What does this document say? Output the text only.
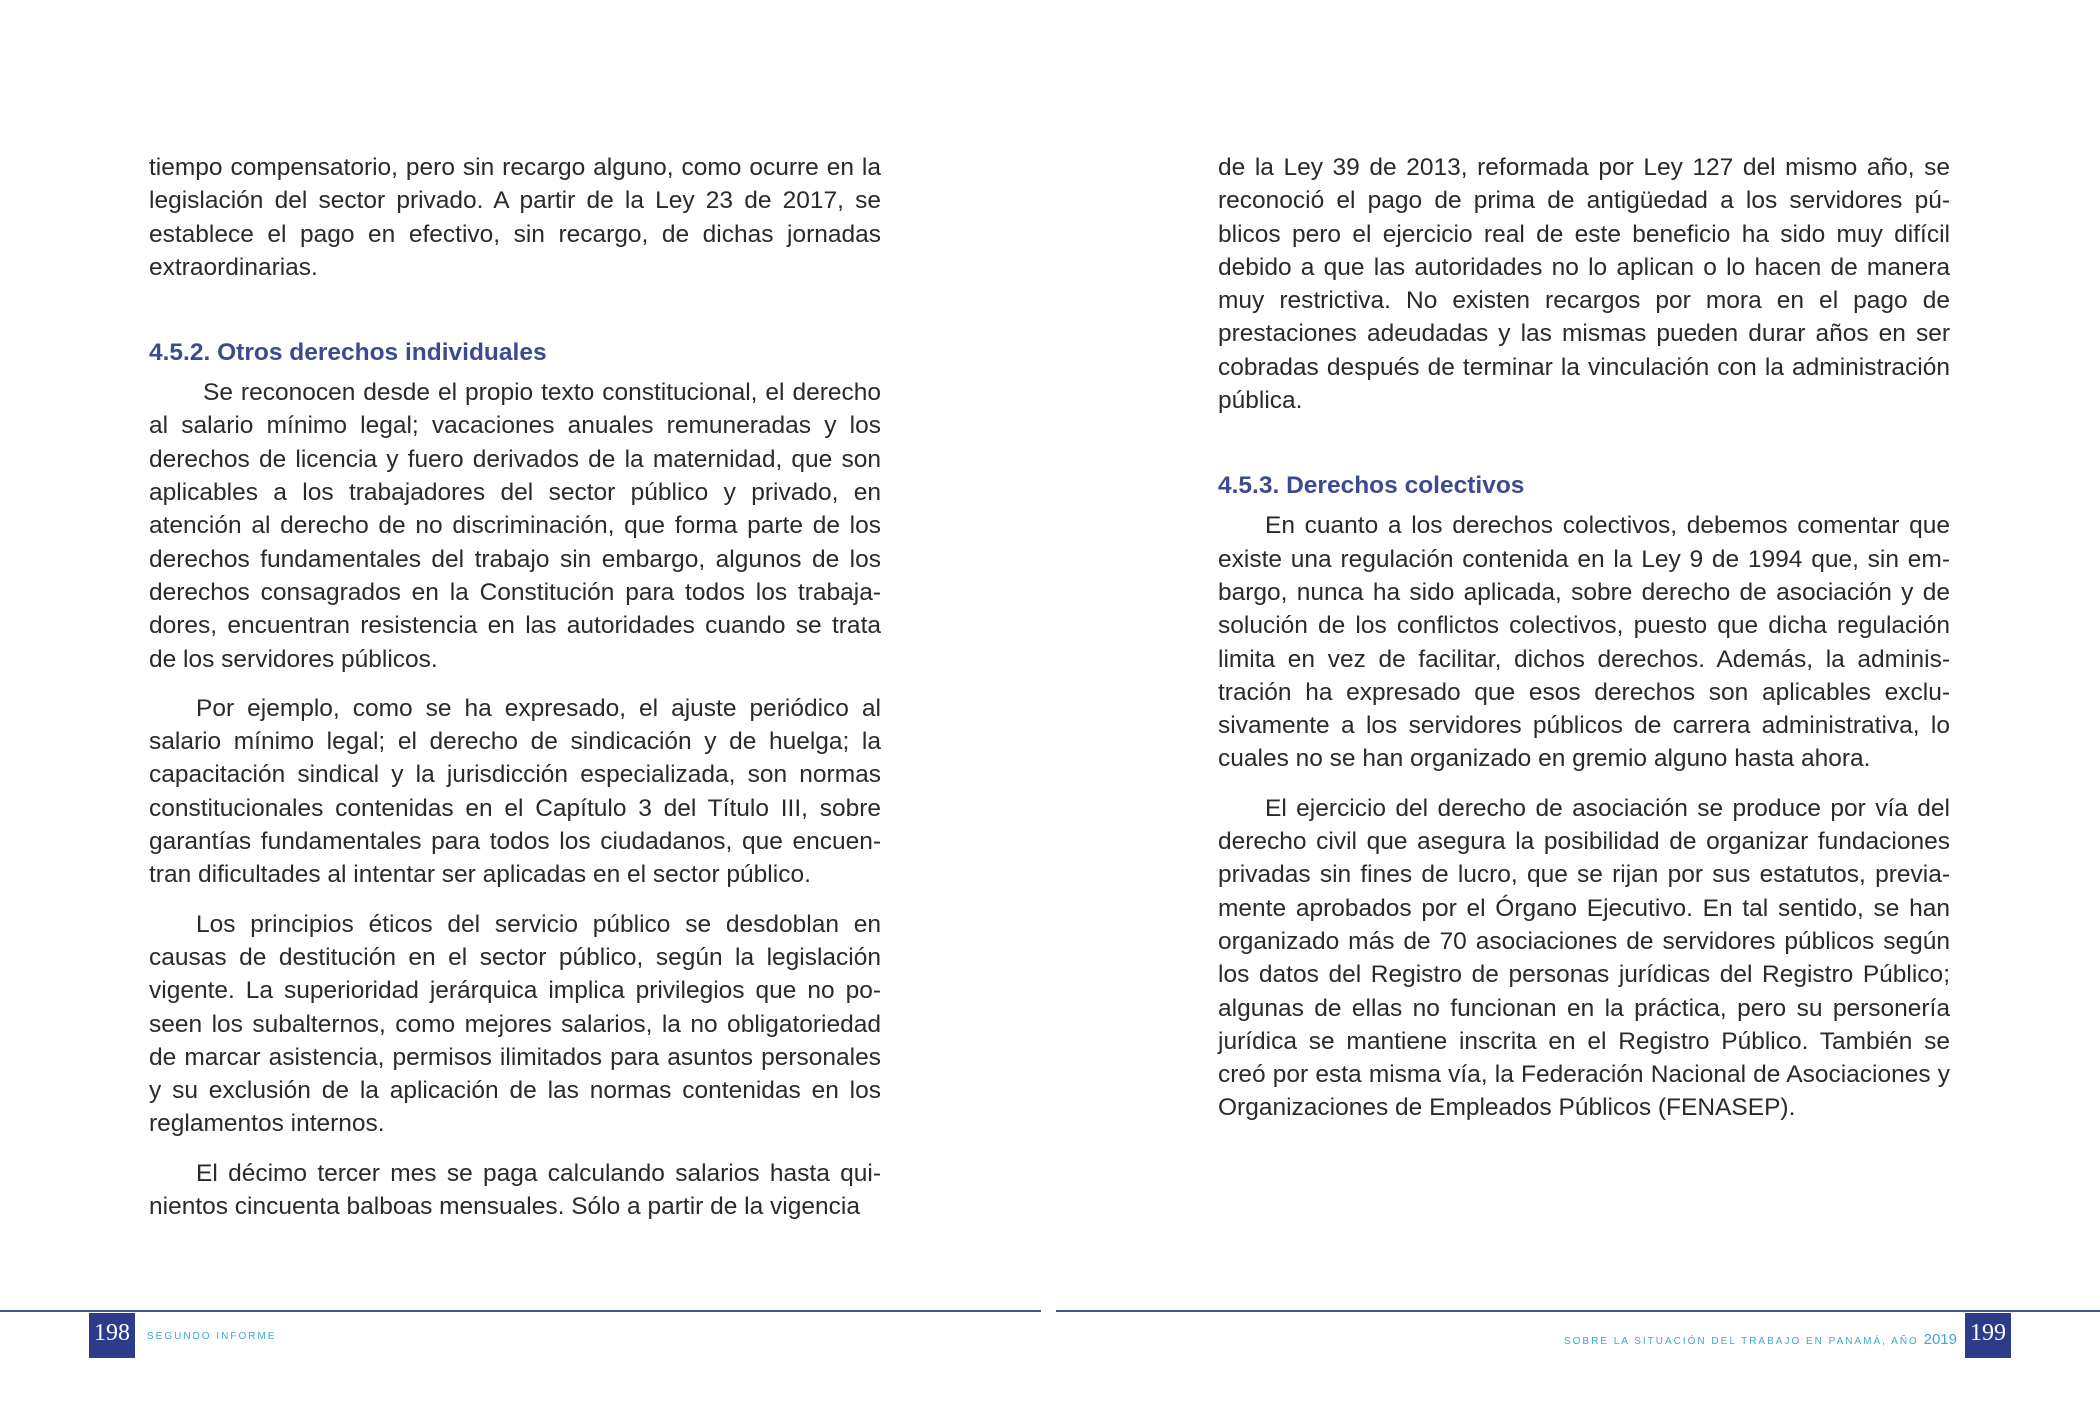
tiempo compensatorio, pero sin recargo alguno, como ocurre en la legislación del sector privado. A partir de la Ley 23 de 2017, se establece el pago en efectivo, sin recargo, de dichas jornadas extraordinarias.

4.5.2. Otros derechos individuales

Se reconocen desde el propio texto constitucional, el derecho al salario mínimo legal; vacaciones anuales remuneradas y los derechos de licencia y fuero derivados de la maternidad, que son aplicables a los trabajadores del sector público y privado, en atención al derecho de no discriminación, que forma parte de los derechos fundamentales del trabajo sin embargo, algunos de los derechos consagrados en la Constitución para todos los trabajadores, encuentran resistencia en las autoridades cuando se trata de los servidores públicos.

Por ejemplo, como se ha expresado, el ajuste periódico al salario mínimo legal; el derecho de sindicación y de huelga; la capacitación sindical y la jurisdicción especializada, son normas constitucionales contenidas en el Capítulo 3 del Título III, sobre garantías fundamentales para todos los ciudadanos, que encuentran dificultades al intentar ser aplicadas en el sector público.

Los principios éticos del servicio público se desdoblan en causas de destitución en el sector público, según la legislación vigente. La superioridad jerárquica implica privilegios que no poseen los subalternos, como mejores salarios, la no obligatoriedad de marcar asistencia, permisos ilimitados para asuntos personales y su exclusión de la aplicación de las normas contenidas en los reglamentos internos.

El décimo tercer mes se paga calculando salarios hasta quinientos cincuenta balboas mensuales. Sólo a partir de la vigencia

198	SEGUNDO INFORME

de la Ley 39 de 2013, reformada por Ley 127 del mismo año, se reconoció el pago de prima de antigüedad a los servidores públicos pero el ejercicio real de este beneficio ha sido muy difícil debido a que las autoridades no lo aplican o lo hacen de manera muy restrictiva. No existen recargos por mora en el pago de prestaciones adeudadas y las mismas pueden durar años en ser cobradas después de terminar la vinculación con la administración pública.

4.5.3. Derechos colectivos

En cuanto a los derechos colectivos, debemos comentar que existe una regulación contenida en la Ley 9 de 1994 que, sin embargo, nunca ha sido aplicada, sobre derecho de asociación y de solución de los conflictos colectivos, puesto que dicha regulación limita en vez de facilitar, dichos derechos. Además, la administración ha expresado que esos derechos son aplicables exclusivamente a los servidores públicos de carrera administrativa, lo cuales no se han organizado en gremio alguno hasta ahora.

El ejercicio del derecho de asociación se produce por vía del derecho civil que asegura la posibilidad de organizar fundaciones privadas sin fines de lucro, que se rijan por sus estatutos, previamente aprobados por el Órgano Ejecutivo. En tal sentido, se han organizado más de 70 asociaciones de servidores públicos según los datos del Registro de personas jurídicas del Registro Público; algunas de ellas no funcionan en la práctica, pero su personería jurídica se mantiene inscrita en el Registro Público. También se creó por esta misma vía, la Federación Nacional de Asociaciones y Organizaciones de Empleados Públicos (FENASEP).

SOBRE LA SITUACIÓN DEL TRABAJO EN PANAMÁ, AÑO 2019 199
